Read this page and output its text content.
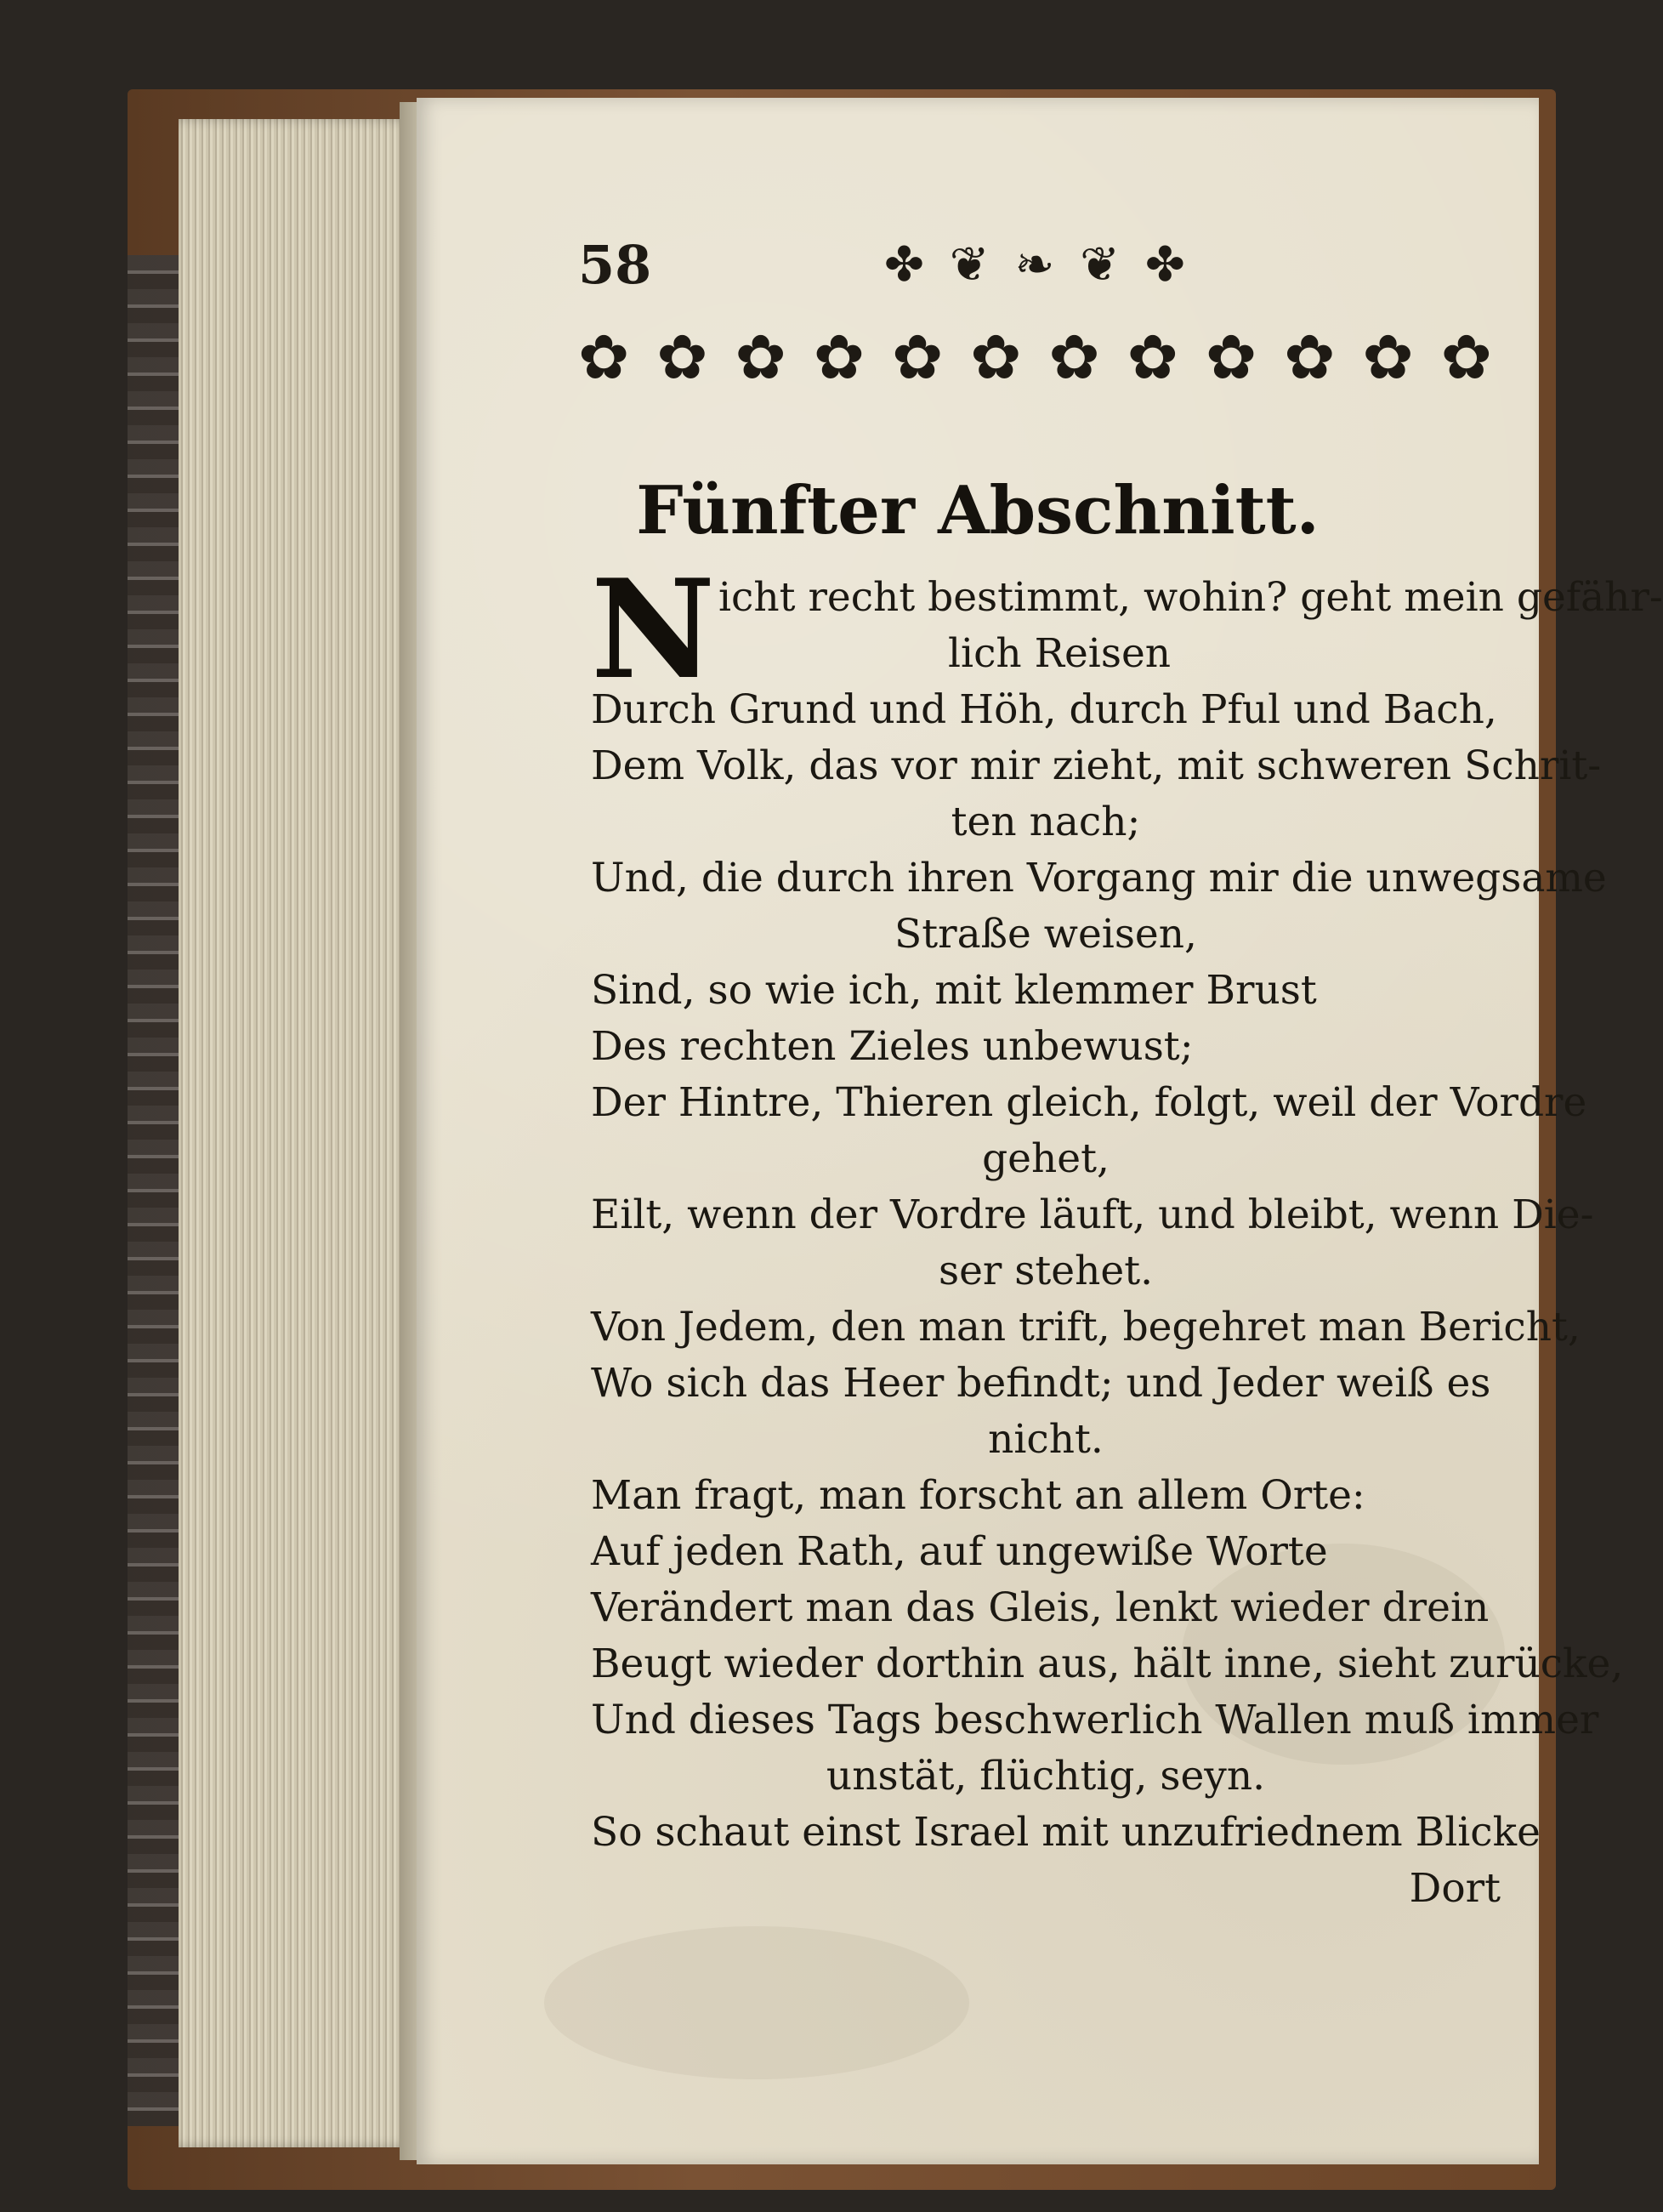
58	✤ ❦ ❧ ❦ ✤
✿ ✿ ✿ ✿ ✿ ✿ ✿ ✿ ✿ ✿ ✿ ✿
Fünfter Abschnitt.
N icht recht bestimmt, wohin? geht mein gefähr-
lich Reisen
Durch Grund und Höh, durch Pful und Bach,
Dem Volk, das vor mir zieht, mit schweren Schrit-
ten nach;
Und, die durch ihren Vorgang mir die unwegsame
Straße weisen,
Sind, so wie ich, mit klemmer Brust
Des rechten Zieles unbewust;
Der Hintre, Thieren gleich, folgt, weil der Vordre
gehet,
Eilt, wenn der Vordre läuft, und bleibt, wenn Die-
ser stehet.
Von Jedem, den man trift, begehret man Bericht,
Wo sich das Heer befindt; und Jeder weiß es
nicht.
Man fragt, man forscht an allem Orte:
Auf jeden Rath, auf ungewiße Worte
Verändert man das Gleis, lenkt wieder drein
Beugt wieder dorthin aus, hält inne, sieht zurücke,
Und dieses Tags beschwerlich Wallen muß immer
unstät, flüchtig, seyn.
So schaut einst Israel mit unzufriednem Blicke
Dort
